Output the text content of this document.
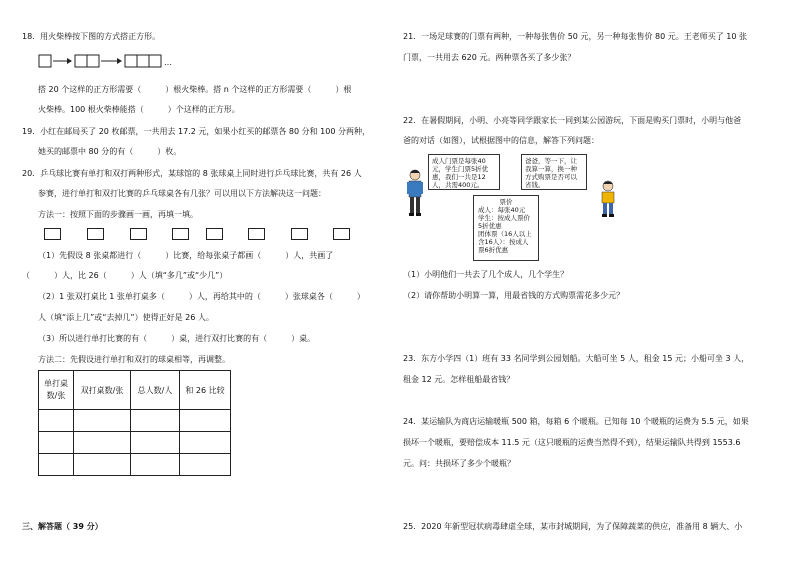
18．用火柴棒按下图的方式搭正方形。

…

搭 20 个这样的正方形需要（　　　）根火柴棒。搭 n 个这样的正方形需要（　　　）根

火柴棒。100 根火柴棒能搭（　　　）个这样的正方形。

19．小红在邮局买了 20 枚邮票，一共用去 17.2 元，如果小红买的邮票各 80 分和 100 分两种，

她买的邮票中 80 分的有（　　　）枚。

20．乒乓球比赛有单打和双打两种形式，某球馆的 8 张球桌上同时进行乒乓球比赛，共有 26 人

参赛，进行单打和双打比赛的乒乓球桌各有几张？可以用以下方法解决这一问题：

方法一：按照下面的步骤画一画，再填一填。

（1）先假设 8 张桌都进行（　　　）比赛，给每张桌子都画（　　　）人，共画了

（　　　）人，比 26（　　　）人（填“多几”或“少几”）

（2）1 张双打桌比 1 张单打桌多（　　　）人，再给其中的（　　　）张球桌各（　　　）

人（填“添上几”或“去掉几”）使得正好是 26 人。

（3）所以进行单打比赛的有（　　　）桌，进行双打比赛的有（　　　）桌。

方法二：先假设进行单打和双打的球桌相等，再调整。

单打桌数/张	双打桌数/张	总人数/人	和 26 比较

三、解答题（ 39 分）

21．一场足球赛的门票有两种，一种每张售价 50 元，另一种每张售价 80 元。王老师买了 10 张

门票，一共用去 620 元。两种票各买了多少张？

22．在暑假期间，小明、小亮等同学跟家长一同到某公园游玩，下面是购买门票时，小明与他爸

爸的对话（如图），试根据图中的信息，解答下列问题：

成人门票是每张40元，学生门票5折优惠，我们一共是12人，共需400元。
票价
成人：每张40元
学生：按成人票价5折优惠
团体票（16人以上含16人）：按成人票6折优惠
爸爸，等一下，让我算一算，换一种方式购票是否可以省钱。

（1）小明他们一共去了几个成人，几个学生？

（2）请你帮助小明算一算，用最省钱的方式购票需花多少元？

23．东方小学四（1）班有 33 名同学到公园划船。大船可坐 5 人，租金 15 元；小船可坐 3 人，

租金 12 元。怎样租船最省钱？

24．某运输队为商店运输暖瓶 500 箱，每箱 6 个暖瓶。已知每 10 个暖瓶的运费为 5.5 元，如果

损坏一个暖瓶，要赔偿成本 11.5 元（这只暖瓶的运费当然得不到），结果运输队共得到 1553.6

元。问：共损坏了多少个暖瓶？

25．2020 年新型冠状病毒肆虐全球，某市封城期间，为了保障蔬菜的供应，准备用 8 辆大、小
